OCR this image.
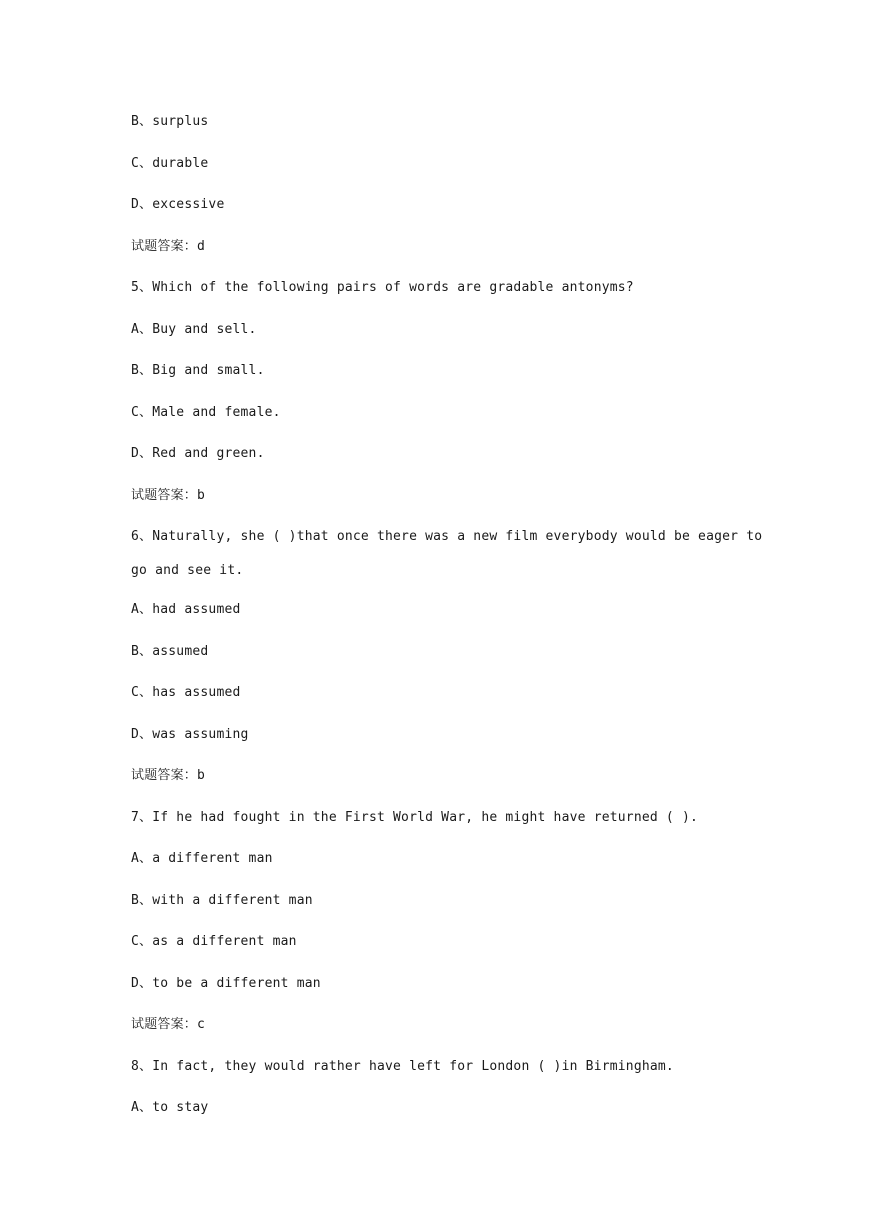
B、surplus
C、durable
D、excessive
试题答案：d
5、Which of the following pairs of words are gradable antonyms?
A、Buy and sell.
B、Big and small.
C、Male and female.
D、Red and green.
试题答案：b
6、Naturally, she ( )that once there was a new film everybody would be eager to go and see it.
A、had assumed
B、assumed
C、has assumed
D、was assuming
试题答案：b
7、If he had fought in the First World War, he might have returned ( ).
A、a different man
B、with a different man
C、as a different man
D、to be a different man
试题答案：c
8、In fact, they would rather have left for London ( )in Birmingham.
A、to stay
